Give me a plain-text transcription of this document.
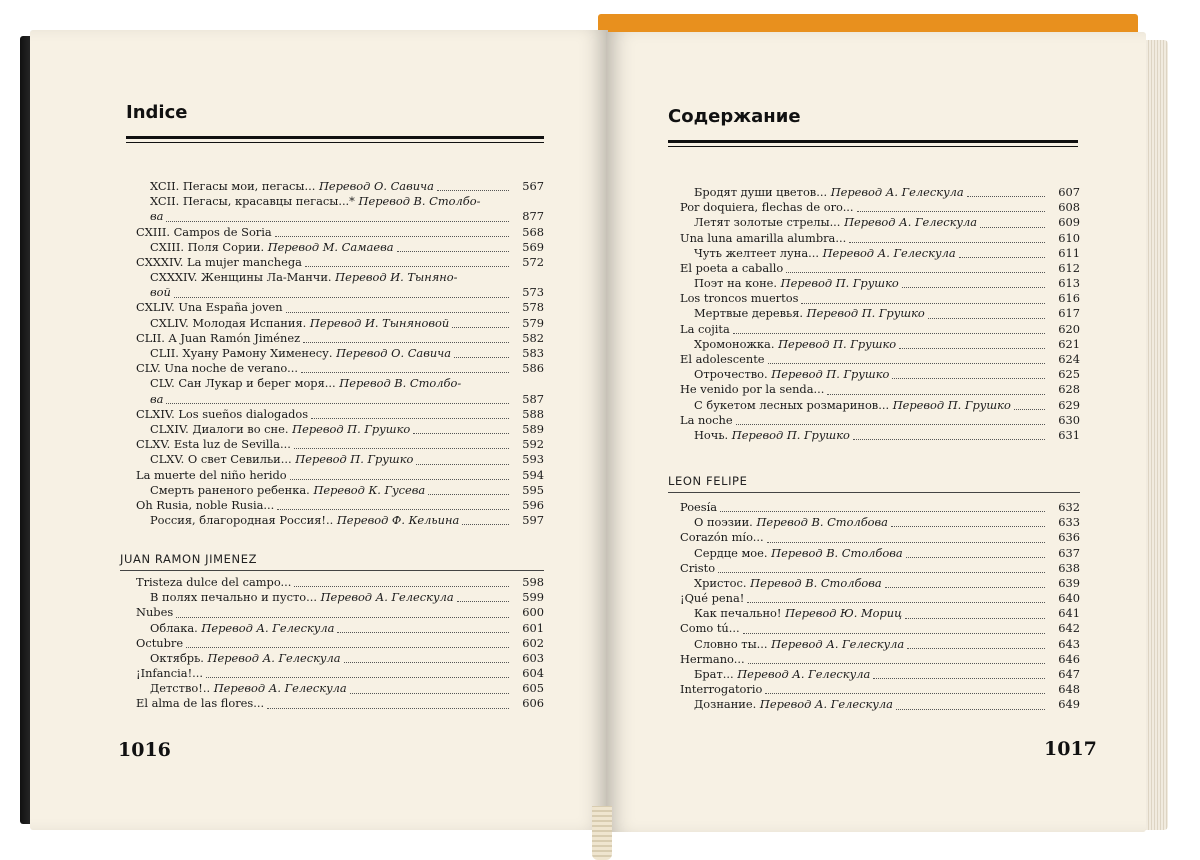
Indice
XCII. Пегасы мои, пегасы... Перевод О. Савича	567
XCII. Пегасы, красавцы пегасы...* Перевод В. Столбо-
ва	877
CXIII. Campos de Soria	568
CXIII. Поля Сории. Перевод М. Самаева	569
CXXXIV. La mujer manchega	572
CXXXIV. Женщины Ла-Манчи. Перевод И. Тыняно-
вой	573
CXLIV. Una España joven	578
CXLIV. Молодая Испания. Перевод И. Тыняновой	579
CLII. A Juan Ramón Jiménez	582
CLII. Хуану Рамону Хименесу. Перевод О. Савича	583
CLV. Una noche de verano...	586
CLV. Сан Лукар и берег моря... Перевод В. Столбо-
ва	587
CLXIV. Los sueños dialogados	588
CLXIV. Диалоги во сне. Перевод П. Грушко	589
CLXV. Esta luz de Sevilla...	592
CLXV. О свет Севильи... Перевод П. Грушко	593
La muerte del niño herido	594
Смерть раненого ребенка. Перевод К. Гусева	595
Oh Rusia, noble Rusia...	596
Россия, благородная Россия!.. Перевод Ф. Кельина	597
JUAN RAMON JIMENEZ
Tristeza dulce del campo...	598
В полях печально и пусто... Перевод А. Гелескула	599
Nubes	600
Облака. Перевод А. Гелескула	601
Octubre	602
Октябрь. Перевод А. Гелескула	603
¡Infancia!...	604
Детство!.. Перевод А. Гелескула	605
El alma de las flores...	606
1016
Содержание
Бродят души цветов... Перевод А. Гелескула	607
Por doquiera, flechas de oro...	608
Летят золотые стрелы... Перевод А. Гелескула	609
Una luna amarilla alumbra...	610
Чуть желтеет луна... Перевод А. Гелескула	611
El poeta a caballo	612
Поэт на коне. Перевод П. Грушко	613
Los troncos muertos	616
Мертвые деревья. Перевод П. Грушко	617
La cojita	620
Хромоножка. Перевод П. Грушко	621
El adolescente	624
Отрочество. Перевод П. Грушко	625
He venido por la senda...	628
С букетом лесных розмаринов... Перевод П. Грушко	629
La noche	630
Ночь. Перевод П. Грушко	631
LEON FELIPE
Poesía	632
О поэзии. Перевод В. Столбова	633
Corazón mío...	636
Сердце мое. Перевод В. Столбова	637
Cristo	638
Христос. Перевод В. Столбова	639
¡Qué pena!	640
Как печально! Перевод Ю. Мориц	641
Como tú...	642
Словно ты... Перевод А. Гелескула	643
Hermano...	646
Брат... Перевод А. Гелескула	647
Interrogatorio	648
Дознание. Перевод А. Гелескула	649
1017
